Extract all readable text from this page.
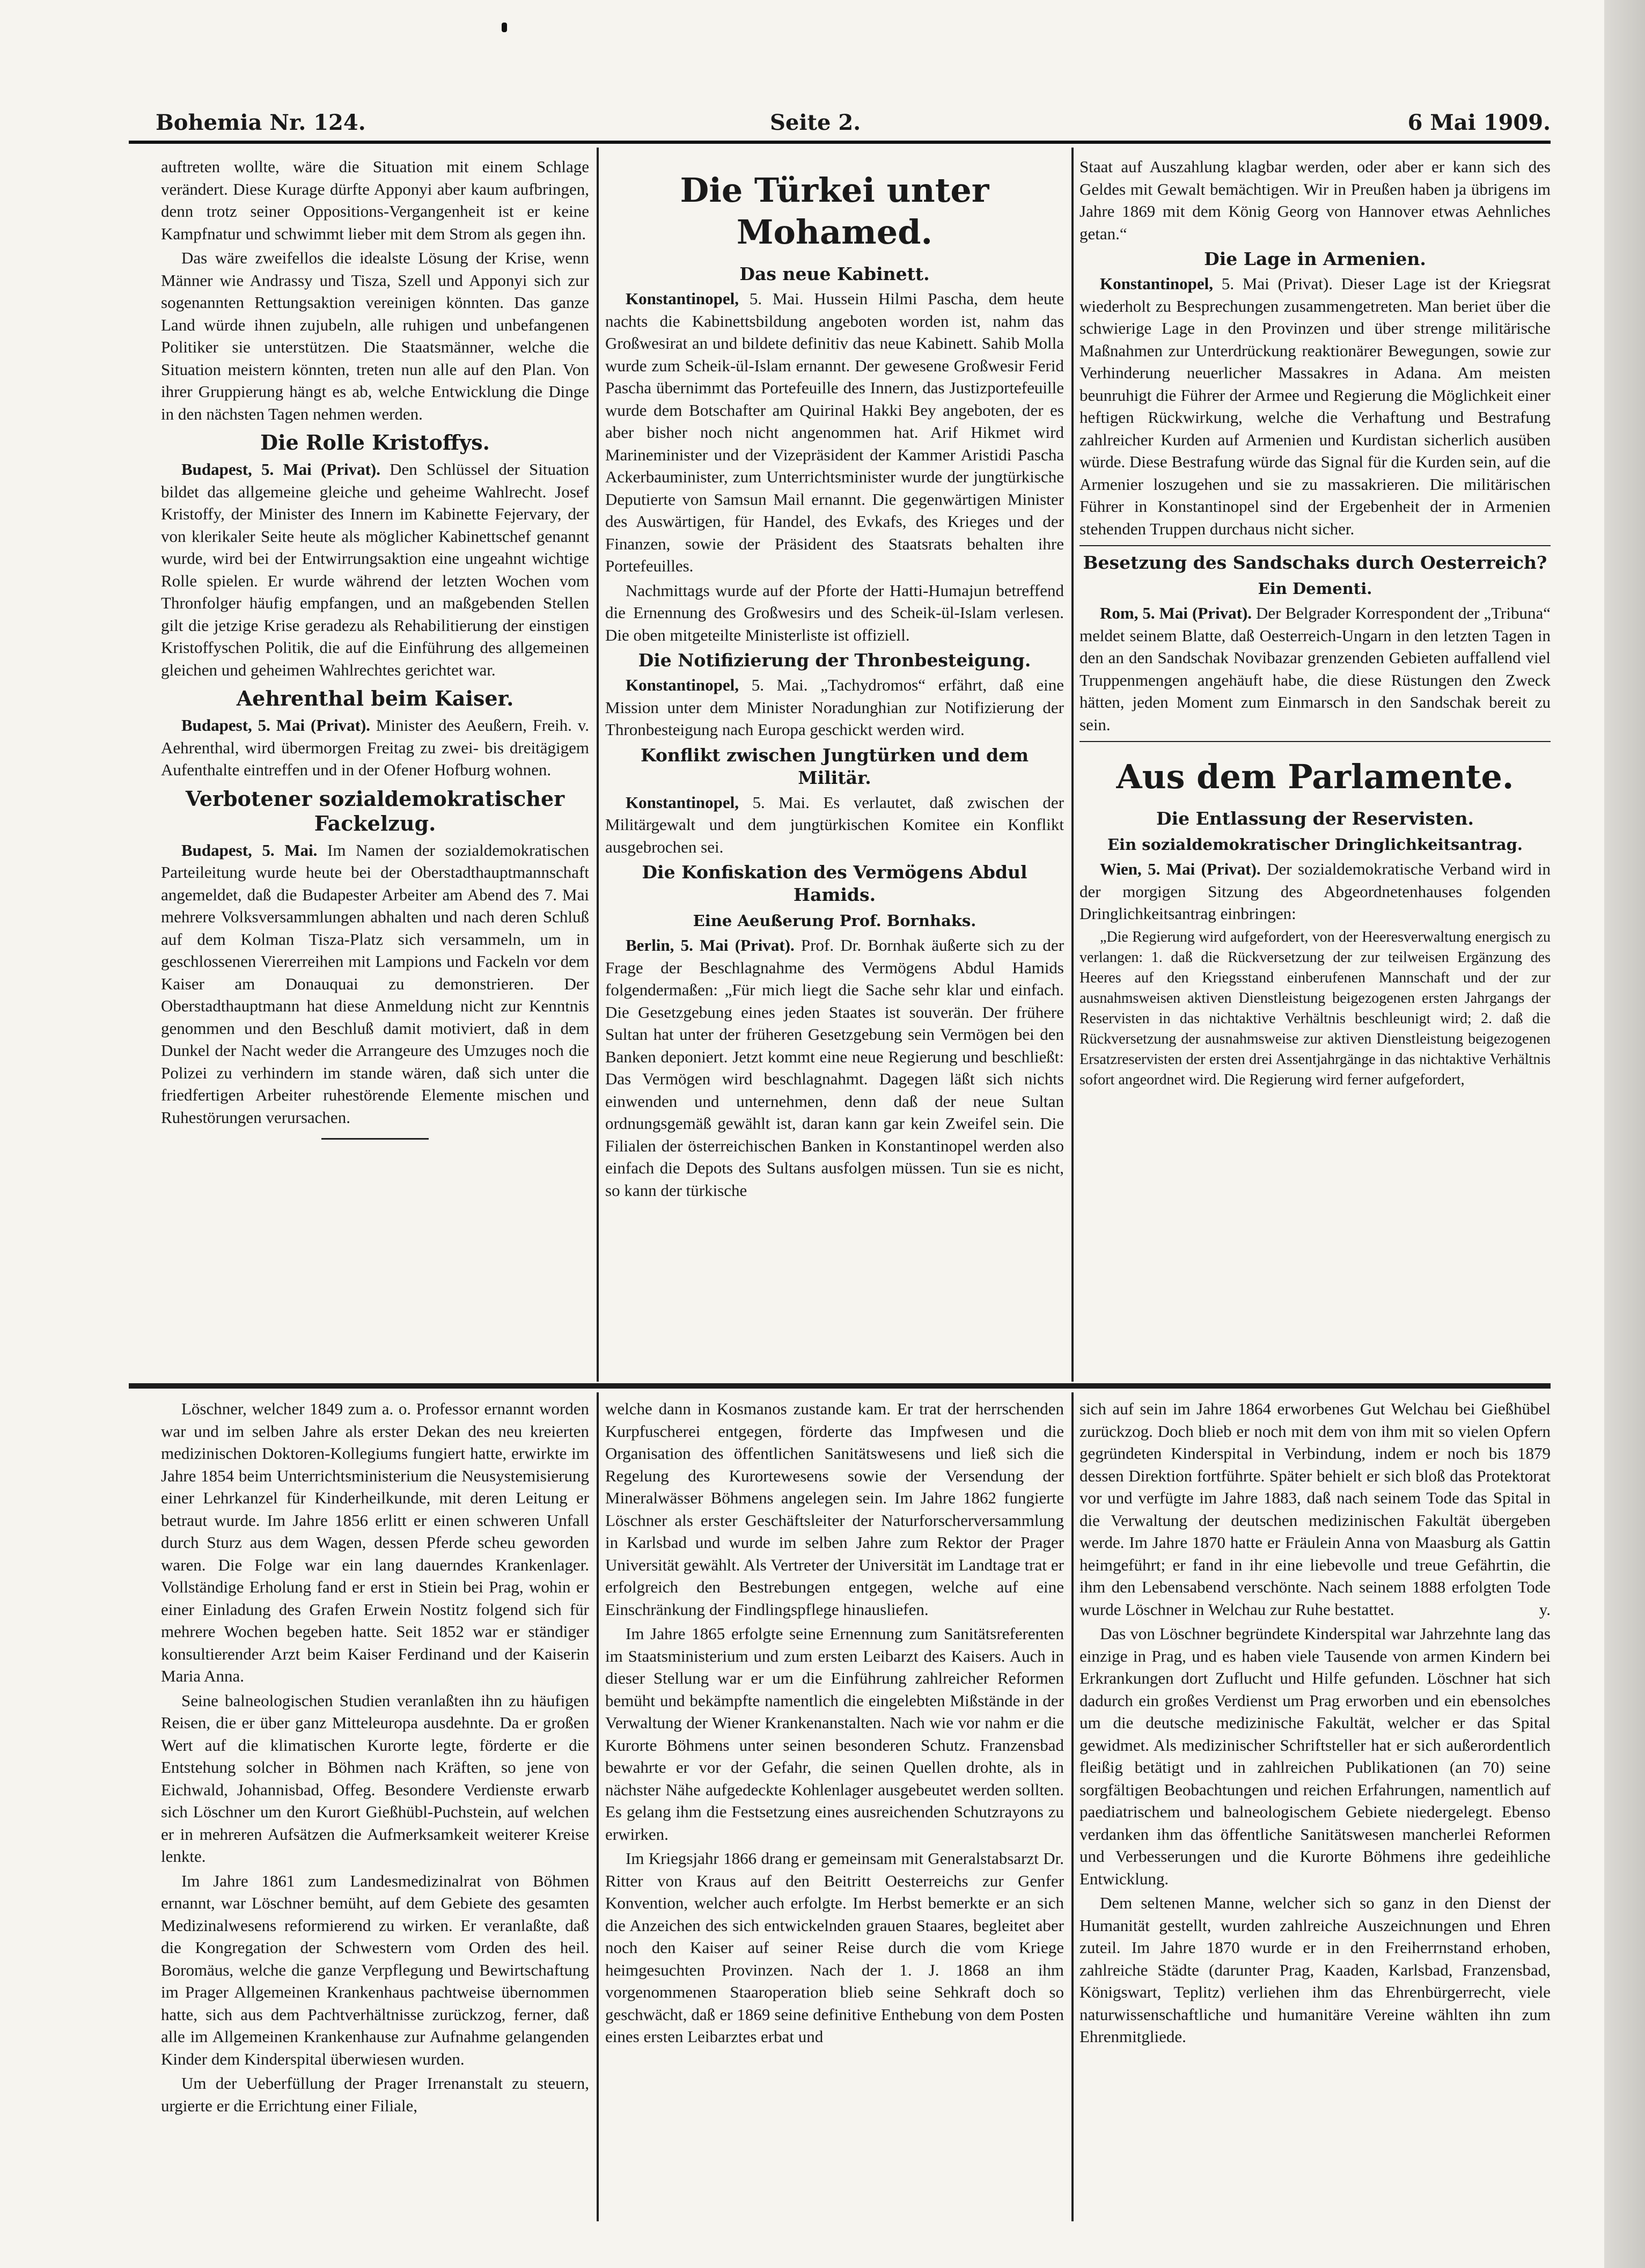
Bohemia Nr. 124.	Seite 2.	6 Mai 1909.

auftreten wollte, wäre die Situation mit einem Schlage verändert. Diese Kurage dürfte Apponyi aber kaum aufbringen, denn trotz seiner Oppositions-Vergangenheit ist er keine Kampfnatur und schwimmt lieber mit dem Strom als gegen ihn.

Das wäre zweifellos die idealste Lösung der Krise, wenn Männer wie Andrassy und Tisza, Szell und Apponyi sich zur sogenannten Rettungsaktion vereinigen könnten. Das ganze Land würde ihnen zujubeln, alle ruhigen und unbefangenen Politiker sie unterstützen. Die Staatsmänner, welche die Situation meistern könnten, treten nun alle auf den Plan. Von ihrer Gruppierung hängt es ab, welche Entwicklung die Dinge in den nächsten Tagen nehmen werden.

Die Rolle Kristoffys.

Budapest, 5. Mai (Privat). Den Schlüssel der Situation bildet das allgemeine gleiche und geheime Wahlrecht. Josef Kristoffy, der Minister des Innern im Kabinette Fejervary, der von klerikaler Seite heute als möglicher Kabinettschef genannt wurde, wird bei der Entwirrungsaktion eine ungeahnt wichtige Rolle spielen. Er wurde während der letzten Wochen vom Thronfolger häufig empfangen, und an maßgebenden Stellen gilt die jetzige Krise geradezu als Rehabilitierung der einstigen Kristoffyschen Politik, die auf die Einführung des allgemeinen gleichen und geheimen Wahlrechtes gerichtet war.

Aehrenthal beim Kaiser.

Budapest, 5. Mai (Privat). Minister des Aeußern, Freih. v. Aehrenthal, wird übermorgen Freitag zu zwei- bis dreitägigem Aufenthalte eintreffen und in der Ofener Hofburg wohnen.

Verbotener sozialdemokratischer Fackelzug.

Budapest, 5. Mai. Im Namen der sozialdemokratischen Parteileitung wurde heute bei der Oberstadthauptmannschaft angemeldet, daß die Budapester Arbeiter am Abend des 7. Mai mehrere Volksversammlungen abhalten und nach deren Schluß auf dem Kolman Tisza-Platz sich versammeln, um in geschlossenen Viererreihen mit Lampions und Fackeln vor dem Kaiser am Donauquai zu demonstrieren. Der Oberstadthauptmann hat diese Anmeldung nicht zur Kenntnis genommen und den Beschluß damit motiviert, daß in dem Dunkel der Nacht weder die Arrangeure des Umzuges noch die Polizei zu verhindern im stande wären, daß sich unter die friedfertigen Arbeiter ruhestörende Elemente mischen und Ruhestörungen verursachen.

Die Türkei unter Mohamed.
Das neue Kabinett.

Konstantinopel, 5. Mai. Hussein Hilmi Pascha, dem heute nachts die Kabinettsbildung angeboten worden ist, nahm das Großwesirat an und bildete definitiv das neue Kabinett. Sahib Molla wurde zum Scheik-ül-Islam ernannt. Der gewesene Großwesir Ferid Pascha übernimmt das Portefeuille des Innern, das Justizportefeuille wurde dem Botschafter am Quirinal Hakki Bey angeboten, der es aber bisher noch nicht angenommen hat. Arif Hikmet wird Marineminister und der Vizepräsident der Kammer Aristidi Pascha Ackerbauminister, zum Unterrichtsminister wurde der jungtürkische Deputierte von Samsun Mail ernannt. Die gegenwärtigen Minister des Auswärtigen, für Handel, des Evkafs, des Krieges und der Finanzen, sowie der Präsident des Staatsrats behalten ihre Portefeuilles.

Nachmittags wurde auf der Pforte der Hatti-Humajun betreffend die Ernennung des Großwesirs und des Scheik-ül-Islam verlesen. Die oben mitgeteilte Ministerliste ist offiziell.

Die Notifizierung der Thronbesteigung.

Konstantinopel, 5. Mai. „Tachydromos“ erfährt, daß eine Mission unter dem Minister Noradunghian zur Notifizierung der Thronbesteigung nach Europa geschickt werden wird.

Konflikt zwischen Jungtürken und dem Militär.

Konstantinopel, 5. Mai. Es verlautet, daß zwischen der Militärgewalt und dem jungtürkischen Komitee ein Konflikt ausgebrochen sei.

Die Konfiskation des Vermögens Abdul Hamids.
Eine Aeußerung Prof. Bornhaks.

Berlin, 5. Mai (Privat). Prof. Dr. Bornhak äußerte sich zu der Frage der Beschlagnahme des Vermögens Abdul Hamids folgendermaßen: „Für mich liegt die Sache sehr klar und einfach. Die Gesetzgebung eines jeden Staates ist souverän. Der frühere Sultan hat unter der früheren Gesetzgebung sein Vermögen bei den Banken deponiert. Jetzt kommt eine neue Regierung und beschließt: Das Vermögen wird beschlagnahmt. Dagegen läßt sich nichts einwenden und unternehmen, denn daß der neue Sultan ordnungsgemäß gewählt ist, daran kann gar kein Zweifel sein. Die Filialen der österreichischen Banken in Konstantinopel werden also einfach die Depots des Sultans ausfolgen müssen. Tun sie es nicht, so kann der türkische

Staat auf Auszahlung klagbar werden, oder aber er kann sich des Geldes mit Gewalt bemächtigen. Wir in Preußen haben ja übrigens im Jahre 1869 mit dem König Georg von Hannover etwas Aehnliches getan.“

Die Lage in Armenien.

Konstantinopel, 5. Mai (Privat). Dieser Lage ist der Kriegsrat wiederholt zu Besprechungen zusammengetreten. Man beriet über die schwierige Lage in den Provinzen und über strenge militärische Maßnahmen zur Unterdrückung reaktionärer Bewegungen, sowie zur Verhinderung neuerlicher Massakres in Adana. Am meisten beunruhigt die Führer der Armee und Regierung die Möglichkeit einer heftigen Rückwirkung, welche die Verhaftung und Bestrafung zahlreicher Kurden auf Armenien und Kurdistan sicherlich ausüben würde. Diese Bestrafung würde das Signal für die Kurden sein, auf die Armenier loszugehen und sie zu massakrieren. Die militärischen Führer in Konstantinopel sind der Ergebenheit der in Armenien stehenden Truppen durchaus nicht sicher.

Besetzung des Sandschaks durch Oesterreich?
Ein Dementi.

Rom, 5. Mai (Privat). Der Belgrader Korrespondent der „Tribuna“ meldet seinem Blatte, daß Oesterreich-Ungarn in den letzten Tagen in den an den Sandschak Novibazar grenzenden Gebieten auffallend viel Truppenmengen angehäuft habe, die diese Rüstungen den Zweck hätten, jeden Moment zum Einmarsch in den Sandschak bereit zu sein.

Aus dem Parlamente.
Die Entlassung der Reservisten.
Ein sozialdemokratischer Dringlichkeitsantrag.

Wien, 5. Mai (Privat). Der sozialdemokratische Verband wird in der morgigen Sitzung des Abgeordnetenhauses folgenden Dringlichkeitsantrag einbringen:

„Die Regierung wird aufgefordert, von der Heeresverwaltung energisch zu verlangen: 1. daß die Rückversetzung der zur teilweisen Ergänzung des Heeres auf den Kriegsstand einberufenen Mannschaft und der zur ausnahmsweisen aktiven Dienstleistung beigezogenen ersten Jahrgangs der Reservisten in das nichtaktive Verhältnis beschleunigt wird; 2. daß die Rückversetzung der ausnahmsweise zur aktiven Dienstleistung beigezogenen Ersatzreservisten der ersten drei Assentjahrgänge in das nichtaktive Verhältnis sofort angeordnet wird. Die Regierung wird ferner aufgefordert,

Löschner, welcher 1849 zum a. o. Professor ernannt worden war und im selben Jahre als erster Dekan des neu kreierten medizinischen Doktoren-Kollegiums fungiert hatte, erwirkte im Jahre 1854 beim Unterrichtsministerium die Neusystemisierung einer Lehrkanzel für Kinderheilkunde, mit deren Leitung er betraut wurde. Im Jahre 1856 erlitt er einen schweren Unfall durch Sturz aus dem Wagen, dessen Pferde scheu geworden waren. Die Folge war ein lang dauerndes Krankenlager. Vollständige Erholung fand er erst in Stiein bei Prag, wohin er einer Einladung des Grafen Erwein Nostitz folgend sich für mehrere Wochen begeben hatte. Seit 1852 war er ständiger konsultierender Arzt beim Kaiser Ferdinand und der Kaiserin Maria Anna.

Seine balneologischen Studien veranlaßten ihn zu häufigen Reisen, die er über ganz Mitteleuropa ausdehnte. Da er großen Wert auf die klimatischen Kurorte legte, förderte er die Entstehung solcher in Böhmen nach Kräften, so jene von Eichwald, Johannisbad, Offeg. Besondere Verdienste erwarb sich Löschner um den Kurort Gießhübl-Puchstein, auf welchen er in mehreren Aufsätzen die Aufmerksamkeit weiterer Kreise lenkte.

Im Jahre 1861 zum Landesmedizinalrat von Böhmen ernannt, war Löschner bemüht, auf dem Gebiete des gesamten Medizinalwesens reformierend zu wirken. Er veranlaßte, daß die Kongregation der Schwestern vom Orden des heil. Boromäus, welche die ganze Verpflegung und Bewirtschaftung im Prager Allgemeinen Krankenhaus pachtweise übernommen hatte, sich aus dem Pachtverhältnisse zurückzog, ferner, daß alle im Allgemeinen Krankenhause zur Aufnahme gelangenden Kinder dem Kinderspital überwiesen wurden.

Um der Ueberfüllung der Prager Irrenanstalt zu steuern, urgierte er die Errichtung einer Filiale,

welche dann in Kosmanos zustande kam. Er trat der herrschenden Kurpfuscherei entgegen, förderte das Impfwesen und die Organisation des öffentlichen Sanitätswesens und ließ sich die Regelung des Kurortewesens sowie der Versendung der Mineralwässer Böhmens angelegen sein. Im Jahre 1862 fungierte Löschner als erster Geschäftsleiter der Naturforscherversammlung in Karlsbad und wurde im selben Jahre zum Rektor der Prager Universität gewählt. Als Vertreter der Universität im Landtage trat er erfolgreich den Bestrebungen entgegen, welche auf eine Einschränkung der Findlingspflege hinausliefen.

Im Jahre 1865 erfolgte seine Ernennung zum Sanitätsreferenten im Staatsministerium und zum ersten Leibarzt des Kaisers. Auch in dieser Stellung war er um die Einführung zahlreicher Reformen bemüht und bekämpfte namentlich die eingelebten Mißstände in der Verwaltung der Wiener Krankenanstalten. Nach wie vor nahm er die Kurorte Böhmens unter seinen besonderen Schutz. Franzensbad bewahrte er vor der Gefahr, die seinen Quellen drohte, als in nächster Nähe aufgedeckte Kohlenlager ausgebeutet werden sollten. Es gelang ihm die Festsetzung eines ausreichenden Schutzrayons zu erwirken.

Im Kriegsjahr 1866 drang er gemeinsam mit Generalstabsarzt Dr. Ritter von Kraus auf den Beitritt Oesterreichs zur Genfer Konvention, welcher auch erfolgte. Im Herbst bemerkte er an sich die Anzeichen des sich entwickelnden grauen Staares, begleitet aber noch den Kaiser auf seiner Reise durch die vom Kriege heimgesuchten Provinzen. Nach der 1. J. 1868 an ihm vorgenommenen Staaroperation blieb seine Sehkraft doch so geschwächt, daß er 1869 seine definitive Enthebung von dem Posten eines ersten Leibarztes erbat und

sich auf sein im Jahre 1864 erworbenes Gut Welchau bei Gießhübel zurückzog. Doch blieb er noch mit dem von ihm mit so vielen Opfern gegründeten Kinderspital in Verbindung, indem er noch bis 1879 dessen Direktion fortführte. Später behielt er sich bloß das Protektorat vor und verfügte im Jahre 1883, daß nach seinem Tode das Spital in die Verwaltung der deutschen medizinischen Fakultät übergeben werde. Im Jahre 1870 hatte er Fräulein Anna von Maasburg als Gattin heimgeführt; er fand in ihr eine liebevolle und treue Gefährtin, die ihm den Lebensabend verschönte. Nach seinem 1888 erfolgten Tode wurde Löschner in Welchau zur Ruhe bestattet.	y.

Das von Löschner begründete Kinderspital war Jahrzehnte lang das einzige in Prag, und es haben viele Tausende von armen Kindern bei Erkrankungen dort Zuflucht und Hilfe gefunden. Löschner hat sich dadurch ein großes Verdienst um Prag erworben und ein ebensolches um die deutsche medizinische Fakultät, welcher er das Spital gewidmet. Als medizinischer Schriftsteller hat er sich außerordentlich fleißig betätigt und in zahlreichen Publikationen (an 70) seine sorgfältigen Beobachtungen und reichen Erfahrungen, namentlich auf paediatrischem und balneologischem Gebiete niedergelegt. Ebenso verdanken ihm das öffentliche Sanitätswesen mancherlei Reformen und Verbesserungen und die Kurorte Böhmens ihre gedeihliche Entwicklung.

Dem seltenen Manne, welcher sich so ganz in den Dienst der Humanität gestellt, wurden zahlreiche Auszeichnungen und Ehren zuteil. Im Jahre 1870 wurde er in den Freiherrnstand erhoben, zahlreiche Städte (darunter Prag, Kaaden, Karlsbad, Franzensbad, Königswart, Teplitz) verliehen ihm das Ehrenbürgerrecht, viele naturwissenschaftliche und humanitäre Vereine wählten ihn zum Ehrenmitgliede.
